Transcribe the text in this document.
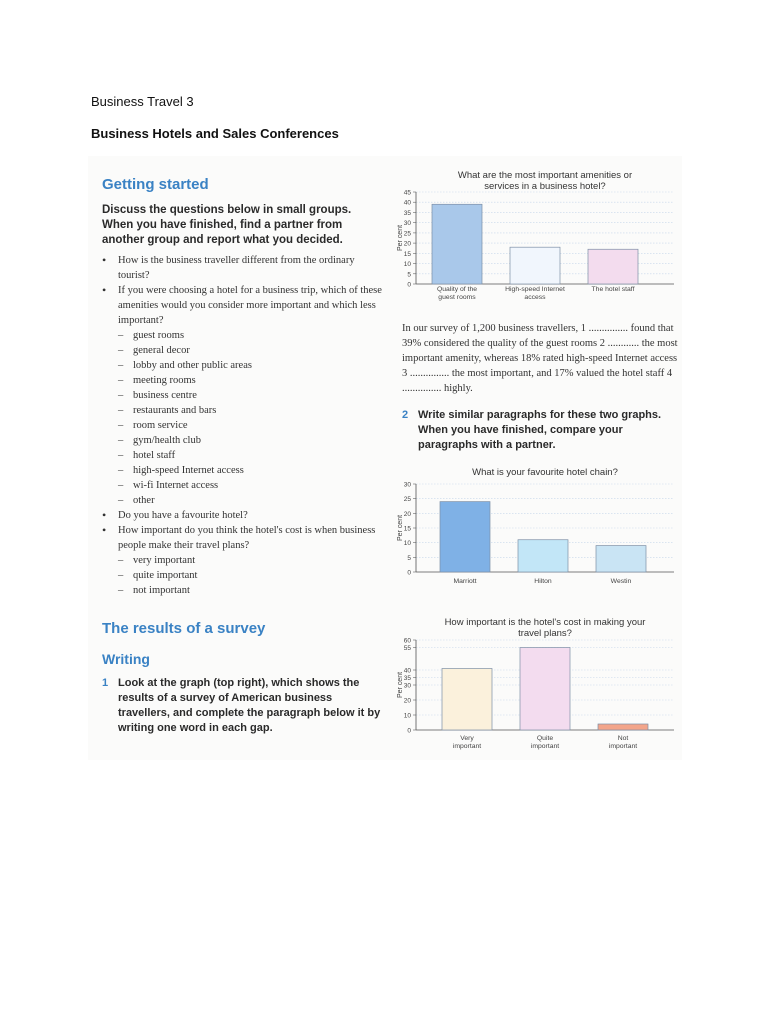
Business Travel 3
Business Hotels and Sales Conferences
Getting started

Discuss the questions below in small groups. When you have finished, find a partner from another group and report what you decided.

• How is the business traveller different from the ordinary tourist?
• If you were choosing a hotel for a business trip, which of these amenities would you consider more important and which less important?
– guest rooms
– general decor
– lobby and other public areas
– meeting rooms
– business centre
– restaurants and bars
– room service
– gym/health club
– hotel staff
– high-speed Internet access
– wi-fi Internet access
– other
• Do you have a favourite hotel?
• How important do you think the hotel's cost is when business people make their travel plans?
– very important
– quite important
– not important
The results of a survey
Writing
1 Look at the graph (top right), which shows the results of a survey of American business travellers, and complete the paragraph below it by writing one word in each gap.
What are the most important amenities or services in a business hotel?
0
5
10
15
20
25
30
35
40
45
Per cent
Quality of the guest rooms
High-speed Internet access
The hotel staff

In our survey of 1,200 business travellers, 1 ............... found that 39% considered the quality of the guest rooms 2 ............ the most important amenity, whereas 18% rated high-speed Internet access 3 ............... the most important, and 17% valued the hotel staff 4 ............... highly.

2 Write similar paragraphs for these two graphs. When you have finished, compare your paragraphs with a partner.
What is your favourite hotel chain?
0
5
10
15
20
25
30
Per cent
Marriott	Hilton	Westin
How important is the hotel's cost in making your travel plans?
0
10
20
30
35
40
55
60
Per cent
Very important
Quite important
Not important
